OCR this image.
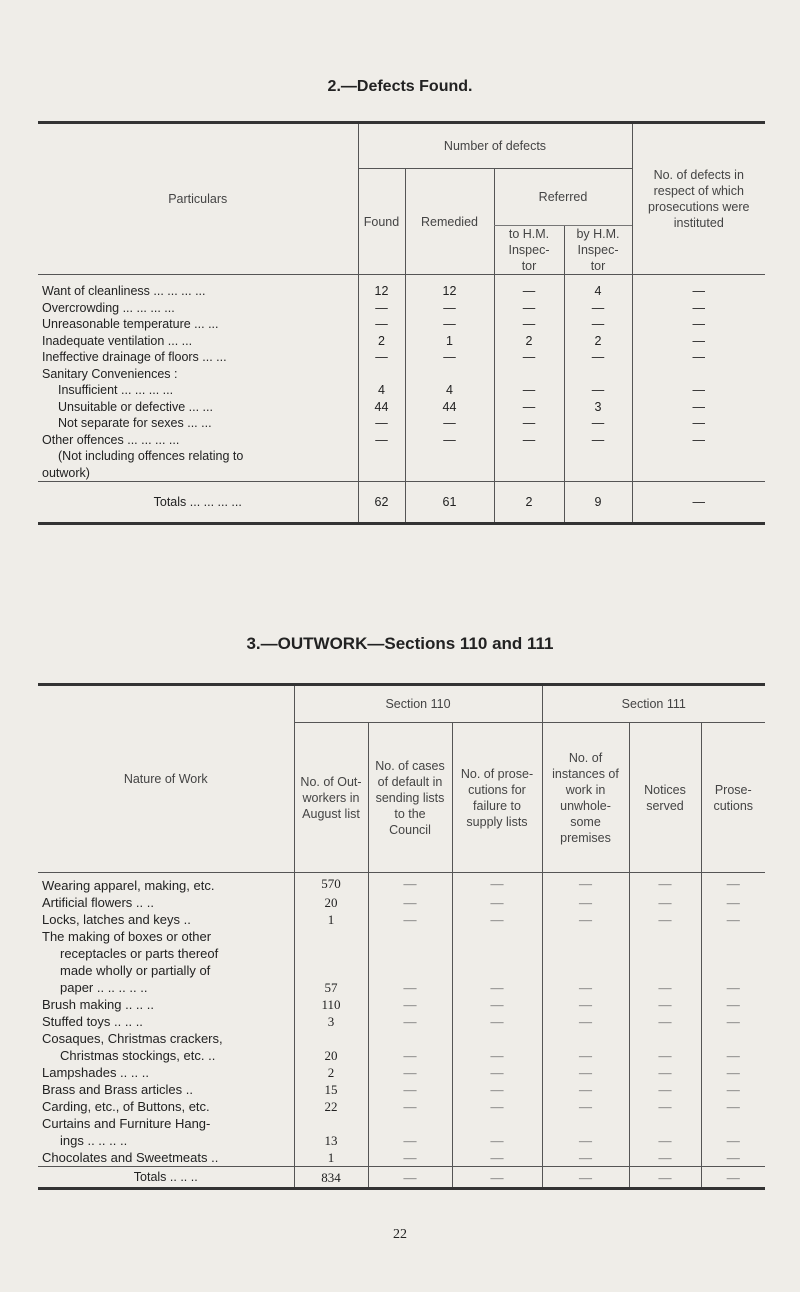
2.—Defects Found.
Particulars	Number of defects				No. of defects in respect of which prosecutions were instituted
	Found	Remedied	Referred		
			to H.M. Inspec- tor	by H.M. Inspec- tor	
Want of cleanliness ... ... ... ...	12	12	—	4	—
Overcrowding ... ... ... ...	—	—	—	—	—
Unreasonable temperature ... ...	—	—	—	—	—
Inadequate ventilation ... ...	2	1	2	2	—
Ineffective drainage of floors ... ...	—	—	—	—	—
Sanitary Conveniences :					
Insufficient ... ... ... ...	4	4	—	—	—
Unsuitable or defective ... ...	44	44	—	3	—
Not separate for sexes ... ...	—	—	—	—	—
Other offences ... ... ... ...	—	—	—	—	—
(Not including offences relating to					
outwork)					
Totals ... ... ... ...	62	61	2	9	—
3.—OUTWORK—Sections 110 and 111
Nature of Work	Section 110			Section 111		
	No. of Out- workers in August list	No. of cases of default in sending lists to the Council	No. of prose- cutions for failure to supply lists	No. of instances of work in unwhole- some premises	Notices served	Prose- cutions
Wearing apparel, making, etc.	570	—	—	—	—	—
Artificial flowers .. ..	20	—	—	—	—	—
Locks, latches and keys ..	1	—	—	—	—	—
The making of boxes or other						
receptacles or parts thereof						
made wholly or partially of						
paper .. .. .. .. ..	57	—	—	—	—	—
Brush making .. .. ..	110	—	—	—	—	—
Stuffed toys .. .. ..	3	—	—	—	—	—
Cosaques, Christmas crackers,						
Christmas stockings, etc. ..	20	—	—	—	—	—
Lampshades .. .. ..	2	—	—	—	—	—
Brass and Brass articles ..	15	—	—	—	—	—
Carding, etc., of Buttons, etc.	22	—	—	—	—	—
Curtains and Furniture Hang-						
ings .. .. .. ..	13	—	—	—	—	—
Chocolates and Sweetmeats ..	1	—	—	—	—	—
Totals .. .. ..	834	—	—	—	—	—
22
